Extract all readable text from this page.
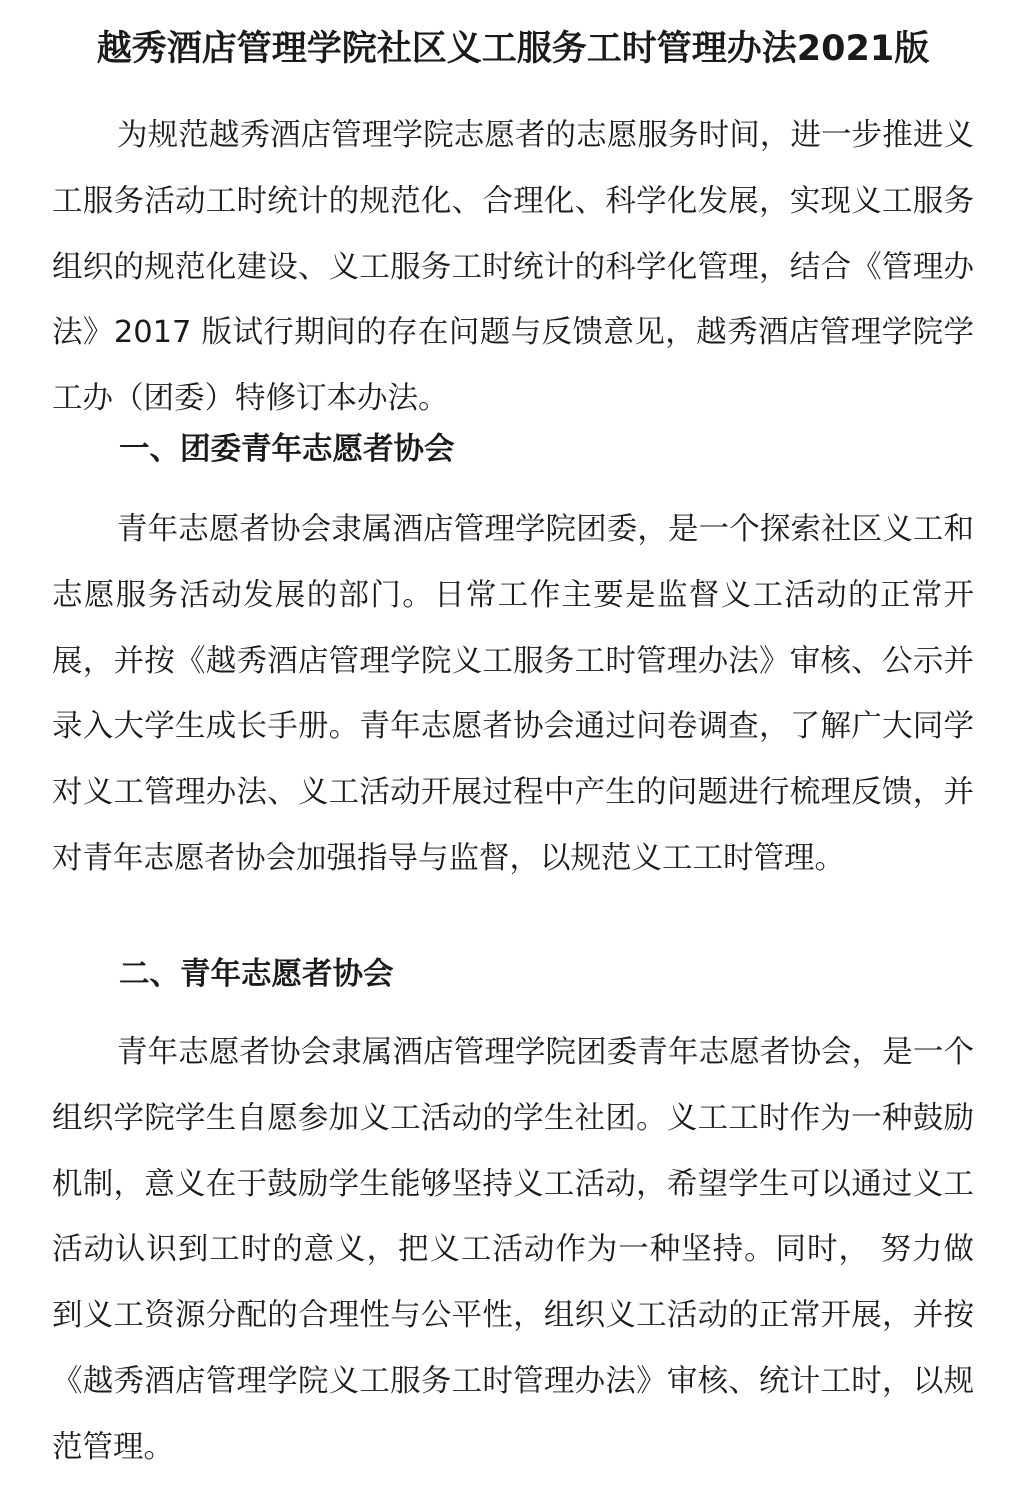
越秀酒店管理学院社区义工服务工时管理办法2021版

为规范越秀酒店管理学院志愿者的志愿服务时间，进一步推进义工服务活动工时统计的规范化、合理化、科学化发展，实现义工服务组织的规范化建设、义工服务工时统计的科学化管理，结合《管理办法》2017 版试行期间的存在问题与反馈意见，越秀酒店管理学院学工办（团委）特修订本办法。

一、团委青年志愿者协会

青年志愿者协会隶属酒店管理学院团委，是一个探索社区义工和志愿服务活动发展的部门。日常工作主要是监督义工活动的正常开展，并按《越秀酒店管理学院义工服务工时管理办法》审核、公示并录入大学生成长手册。青年志愿者协会通过问卷调查，了解广大同学对义工管理办法、义工活动开展过程中产生的问题进行梳理反馈，并对青年志愿者协会加强指导与监督，以规范义工工时管理。

二、青年志愿者协会

青年志愿者协会隶属酒店管理学院团委青年志愿者协会，是一个组织学院学生自愿参加义工活动的学生社团。义工工时作为一种鼓励机制，意义在于鼓励学生能够坚持义工活动，希望学生可以通过义工活动认识到工时的意义，把义工活动作为一种坚持。同时， 努力做到义工资源分配的合理性与公平性，组织义工活动的正常开展，并按《越秀酒店管理学院义工服务工时管理办法》审核、统计工时，以规范管理。
